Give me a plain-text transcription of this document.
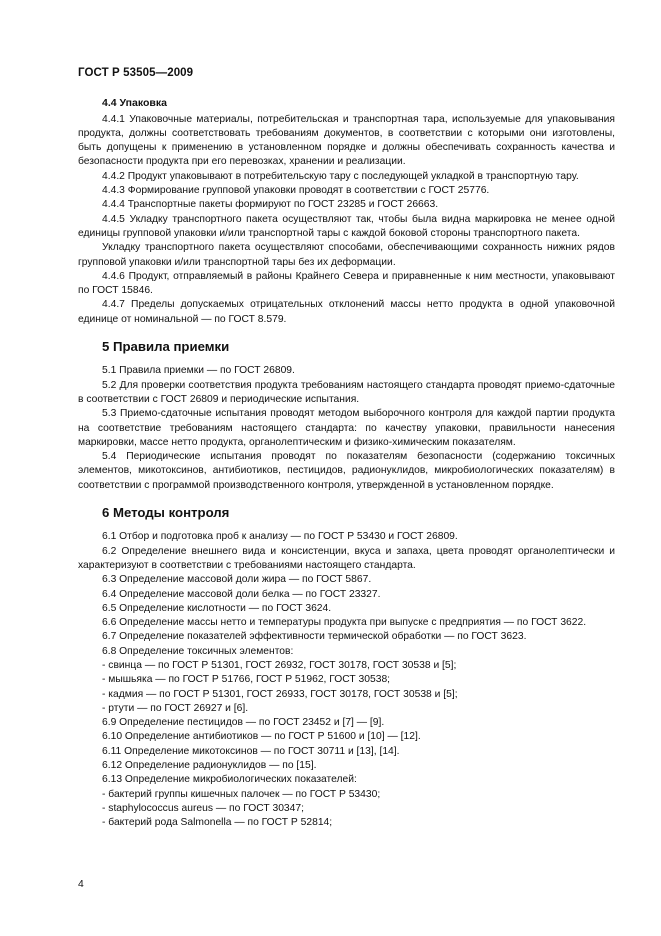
ГОСТ Р 53505—2009
4.4 Упаковка

4.4.1 Упаковочные материалы, потребительская и транспортная тара, используемые для упаковывания продукта, должны соответствовать требованиям документов, в соответствии с которыми они изготовлены, быть допущены к применению в установленном порядке и должны обеспечивать сохранность качества и безопасности продукта при его перевозках, хранении и реализации.

4.4.2 Продукт упаковывают в потребительскую тару с последующей укладкой в транспортную тару.

4.4.3 Формирование групповой упаковки проводят в соответствии с ГОСТ 25776.

4.4.4 Транспортные пакеты формируют по ГОСТ 23285 и ГОСТ 26663.

4.4.5 Укладку транспортного пакета осуществляют так, чтобы была видна маркировка не менее одной единицы групповой упаковки и/или транспортной тары с каждой боковой стороны транспортного пакета.

Укладку транспортного пакета осуществляют способами, обеспечивающими сохранность нижних рядов групповой упаковки и/или транспортной тары без их деформации.

4.4.6 Продукт, отправляемый в районы Крайнего Севера и приравненные к ним местности, упаковывают по ГОСТ 15846.

4.4.7 Пределы допускаемых отрицательных отклонений массы нетто продукта в одной упаковочной единице от номинальной — по ГОСТ 8.579.

5 Правила приемки

5.1 Правила приемки — по ГОСТ 26809.

5.2 Для проверки соответствия продукта требованиям настоящего стандарта проводят приемо-сдаточные в соответствии с ГОСТ 26809 и периодические испытания.

5.3 Приемо-сдаточные испытания проводят методом выборочного контроля для каждой партии продукта на соответствие требованиям настоящего стандарта: по качеству упаковки, правильности нанесения маркировки, массе нетто продукта, органолептическим и физико-химическим показателям.

5.4 Периодические испытания проводят по показателям безопасности (содержанию токсичных элементов, микотоксинов, антибиотиков, пестицидов, радионуклидов, микробиологических показателям) в соответствии с программой производственного контроля, утвержденной в установленном порядке.

6 Методы контроля

6.1 Отбор и подготовка проб к анализу — по ГОСТ Р 53430 и ГОСТ 26809.

6.2 Определение внешнего вида и консистенции, вкуса и запаха, цвета проводят органолептически и характеризуют в соответствии с требованиями настоящего стандарта.

6.3 Определение массовой доли жира — по ГОСТ 5867.

6.4 Определение массовой доли белка — по ГОСТ 23327.

6.5 Определение кислотности — по ГОСТ 3624.

6.6 Определение массы нетто и температуры продукта при выпуске с предприятия — по ГОСТ 3622.

6.7 Определение показателей эффективности термической обработки — по ГОСТ 3623.

6.8 Определение токсичных элементов:

- свинца — по ГОСТ Р 51301, ГОСТ 26932, ГОСТ 30178, ГОСТ 30538 и [5];

- мышьяка — по ГОСТ Р 51766, ГОСТ Р 51962, ГОСТ 30538;

- кадмия — по ГОСТ Р 51301, ГОСТ 26933, ГОСТ 30178, ГОСТ 30538 и [5];

- ртути — по ГОСТ 26927 и [6].

6.9 Определение пестицидов — по ГОСТ 23452 и [7] — [9].

6.10 Определение антибиотиков — по ГОСТ Р 51600 и [10] — [12].

6.11 Определение микотоксинов — по ГОСТ 30711 и [13], [14].

6.12 Определение радионуклидов — по [15].

6.13 Определение микробиологических показателей:

- бактерий группы кишечных палочек — по ГОСТ Р 53430;

- staphylococcus aureus — по ГОСТ 30347;

- бактерий рода Salmonella — по ГОСТ Р 52814;

4
